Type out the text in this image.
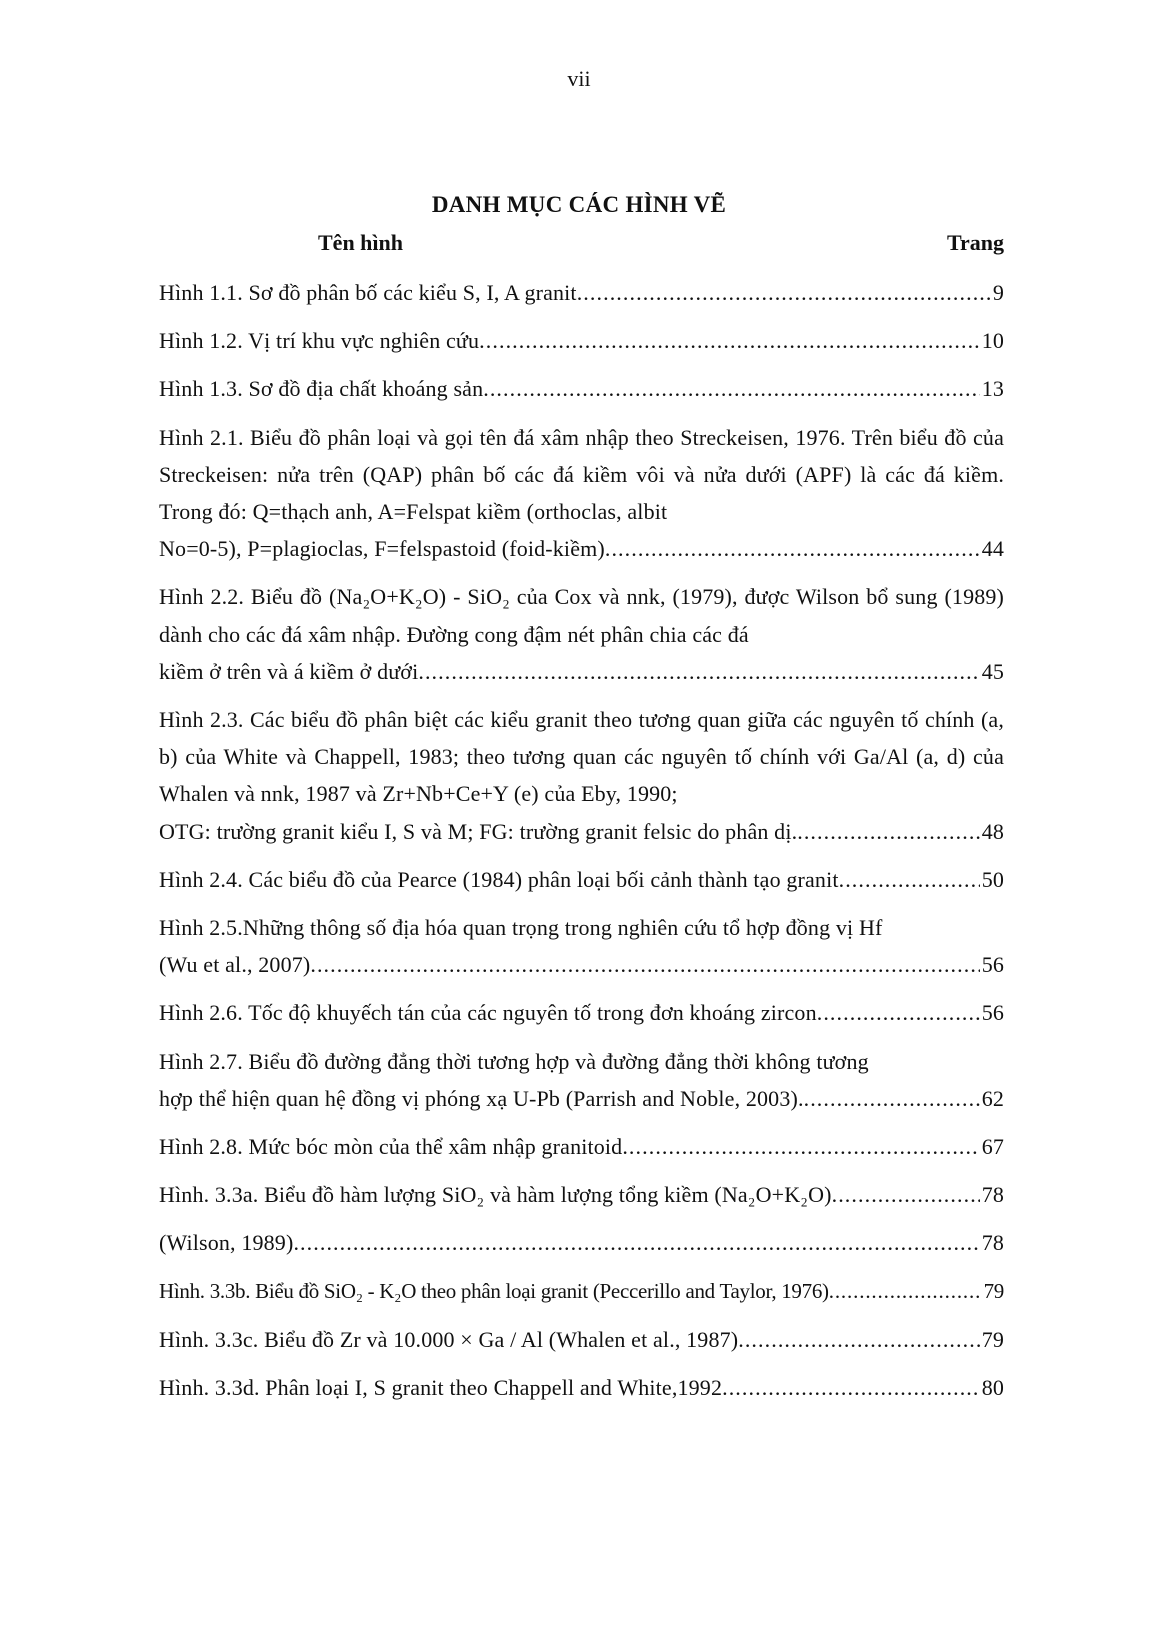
vii
DANH MỤC CÁC HÌNH VẼ
Tên hình	Trang
Hình 1.1. Sơ đồ phân bố các kiểu S, I, A granit . . .	9
Hình 1.2. Vị trí khu vực nghiên cứu . . .	10
Hình 1.3. Sơ đồ địa chất khoáng sản . . .	13
Hình 2.1. Biểu đồ phân loại và gọi tên đá xâm nhập theo Streckeisen, 1976. Trên biểu đồ của Streckeisen: nửa trên (QAP) phân bố các đá kiềm vôi và nửa dưới (APF) là các đá kiềm. Trong đó: Q=thạch anh, A=Felspat kiềm (orthoclas, albit
No=0-5), P=plagioclas, F=felspastoid (foid-kiềm) . . .	44
Hình 2.2. Biểu đồ (Na₂O+K₂O) - SiO₂ của Cox và nnk, (1979), được Wilson bổ sung (1989) dành cho các đá xâm nhập. Đường cong đậm nét phân chia các đá
kiềm ở trên và á kiềm ở dưới . . .	45
Hình 2.3. Các biểu đồ phân biệt các kiểu granit theo tương quan giữa các nguyên tố chính (a, b) của White và Chappell, 1983; theo tương quan các nguyên tố chính với Ga/Al (a, d) của Whalen và nnk, 1987 và Zr+Nb+Ce+Y (e) của Eby, 1990;
OTG: trường granit kiểu I, S và M; FG: trường granit felsic do phân dị. . . .	48
Hình 2.4. Các biểu đồ của Pearce (1984) phân loại bối cảnh thành tạo granit . . .	50
Hình 2.5.Những thông số địa hóa quan trọng trong nghiên cứu tổ hợp đồng vị Hf
(Wu et al., 2007) . . .	56
Hình 2.6. Tốc độ khuyếch tán của các nguyên tố trong đơn khoáng zircon . . .	56
Hình 2.7. Biểu đồ đường đẳng thời tương hợp và đường đẳng thời không tương
hợp thể hiện quan hệ đồng vị phóng xạ U-Pb (Parrish and Noble, 2003). . . .	62
Hình 2.8. Mức bóc mòn của thể xâm nhập granitoid . . .	67
Hình. 3.3a. Biểu đồ hàm lượng SiO₂ và hàm lượng tổng kiềm (Na₂O+K₂O) . . .	78
(Wilson, 1989) . . .	78
Hình. 3.3b. Biểu đồ SiO₂ - K₂O theo phân loại granit (Peccerillo and Taylor, 1976) . . .	79
Hình. 3.3c. Biểu đồ Zr và 10.000 × Ga / Al (Whalen et al., 1987) . . .	79
Hình. 3.3d. Phân loại I, S granit theo Chappell and White,1992 . . .	80
